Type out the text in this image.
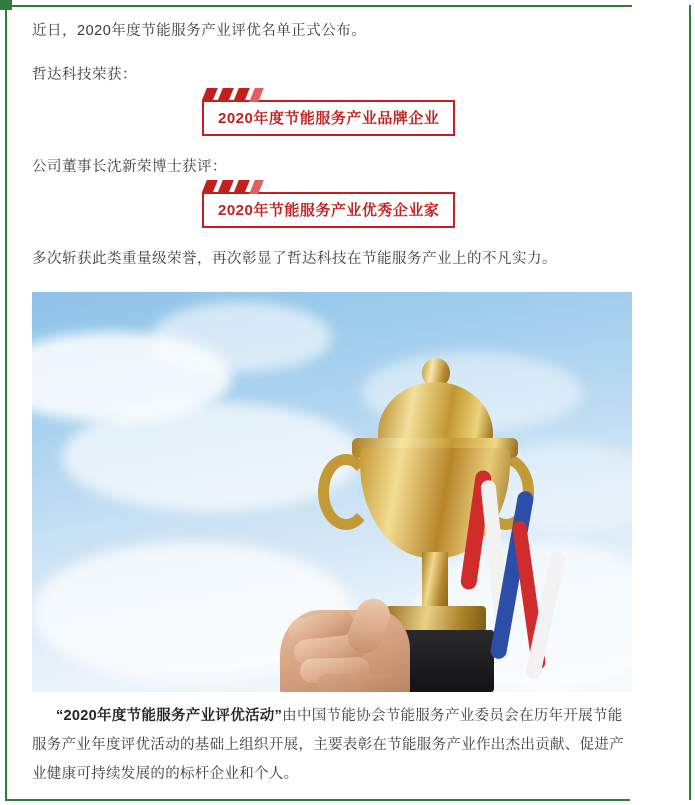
近日，2020年度节能服务产业评优名单正式公布。

哲达科技荣获：

2020年度节能服务产业品牌企业

公司董事长沈新荣博士获评：

2020年节能服务产业优秀企业家

多次斩获此类重量级荣誉，再次彰显了哲达科技在节能服务产业上的不凡实力。

“2020年度节能服务产业评优活动”由中国节能协会节能服务产业委员会在历年开展节能服务产业年度评优活动的基础上组织开展，主要表彰在节能服务产业作出杰出贡献、促进产业健康可持续发展的的标杆企业和个人。
